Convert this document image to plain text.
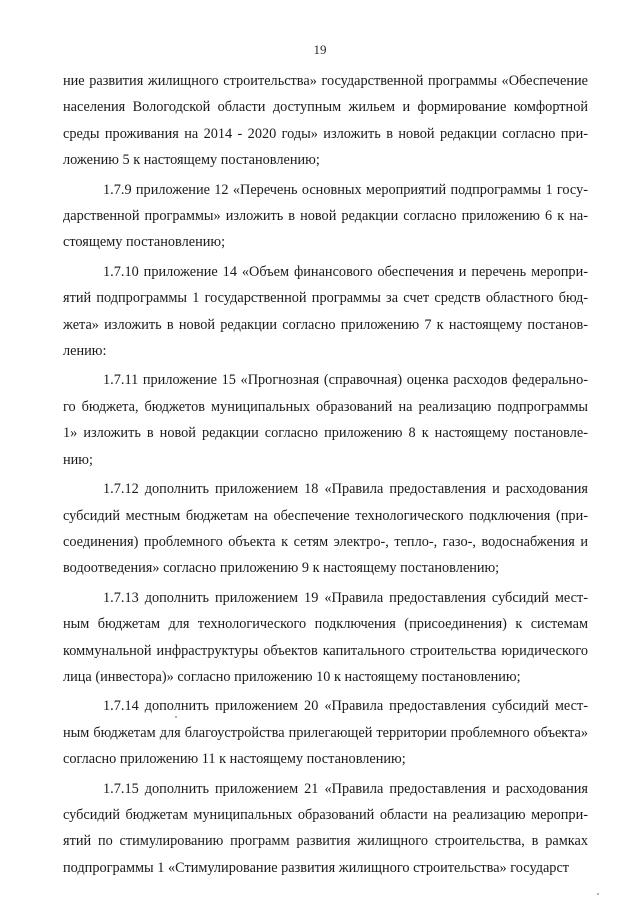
19

ние развития жилищного строительства» государственной программы «Обеспечение населения Вологодской области доступным жильем и формирование комфортной среды проживания на 2014 - 2020 годы» изложить в новой редакции согласно приложению 5 к настоящему постановлению;

1.7.9 приложение 12 «Перечень основных мероприятий подпрограммы 1 государственной программы» изложить в новой редакции согласно приложению 6 к настоящему постановлению;

1.7.10 приложение 14 «Объем финансового обеспечения и перечень мероприятий подпрограммы 1 государственной программы за счет средств областного бюджета» изложить в новой редакции согласно приложению 7 к настоящему постановлению:

1.7.11 приложение 15 «Прогнозная (справочная) оценка расходов федерального бюджета, бюджетов муниципальных образований на реализацию подпрограммы 1» изложить в новой редакции согласно приложению 8 к настоящему постановлению;

1.7.12 дополнить приложением 18 «Правила предоставления и расходования субсидий местным бюджетам на обеспечение технологического подключения (присоединения) проблемного объекта к сетям электро-, тепло-, газо-, водоснабжения и водоотведения» согласно приложению 9 к настоящему постановлению;

1.7.13 дополнить приложением 19 «Правила предоставления субсидий местным бюджетам для технологического подключения (присоединения) к системам коммунальной инфраструктуры объектов капитального строительства юридического лица (инвестора)» согласно приложению 10 к настоящему постановлению;

1.7.14 дополнить приложением 20 «Правила предоставления субсидий местным бюджетам для благоустройства прилегающей территории проблемного объекта» согласно приложению 11 к настоящему постановлению;

1.7.15 дополнить приложением 21 «Правила предоставления и расходования субсидий бюджетам муниципальных образований области на реализацию мероприятий по стимулированию программ развития жилищного строительства, в рамках подпрограммы 1 «Стимулирование развития жилищного строительства» государст
